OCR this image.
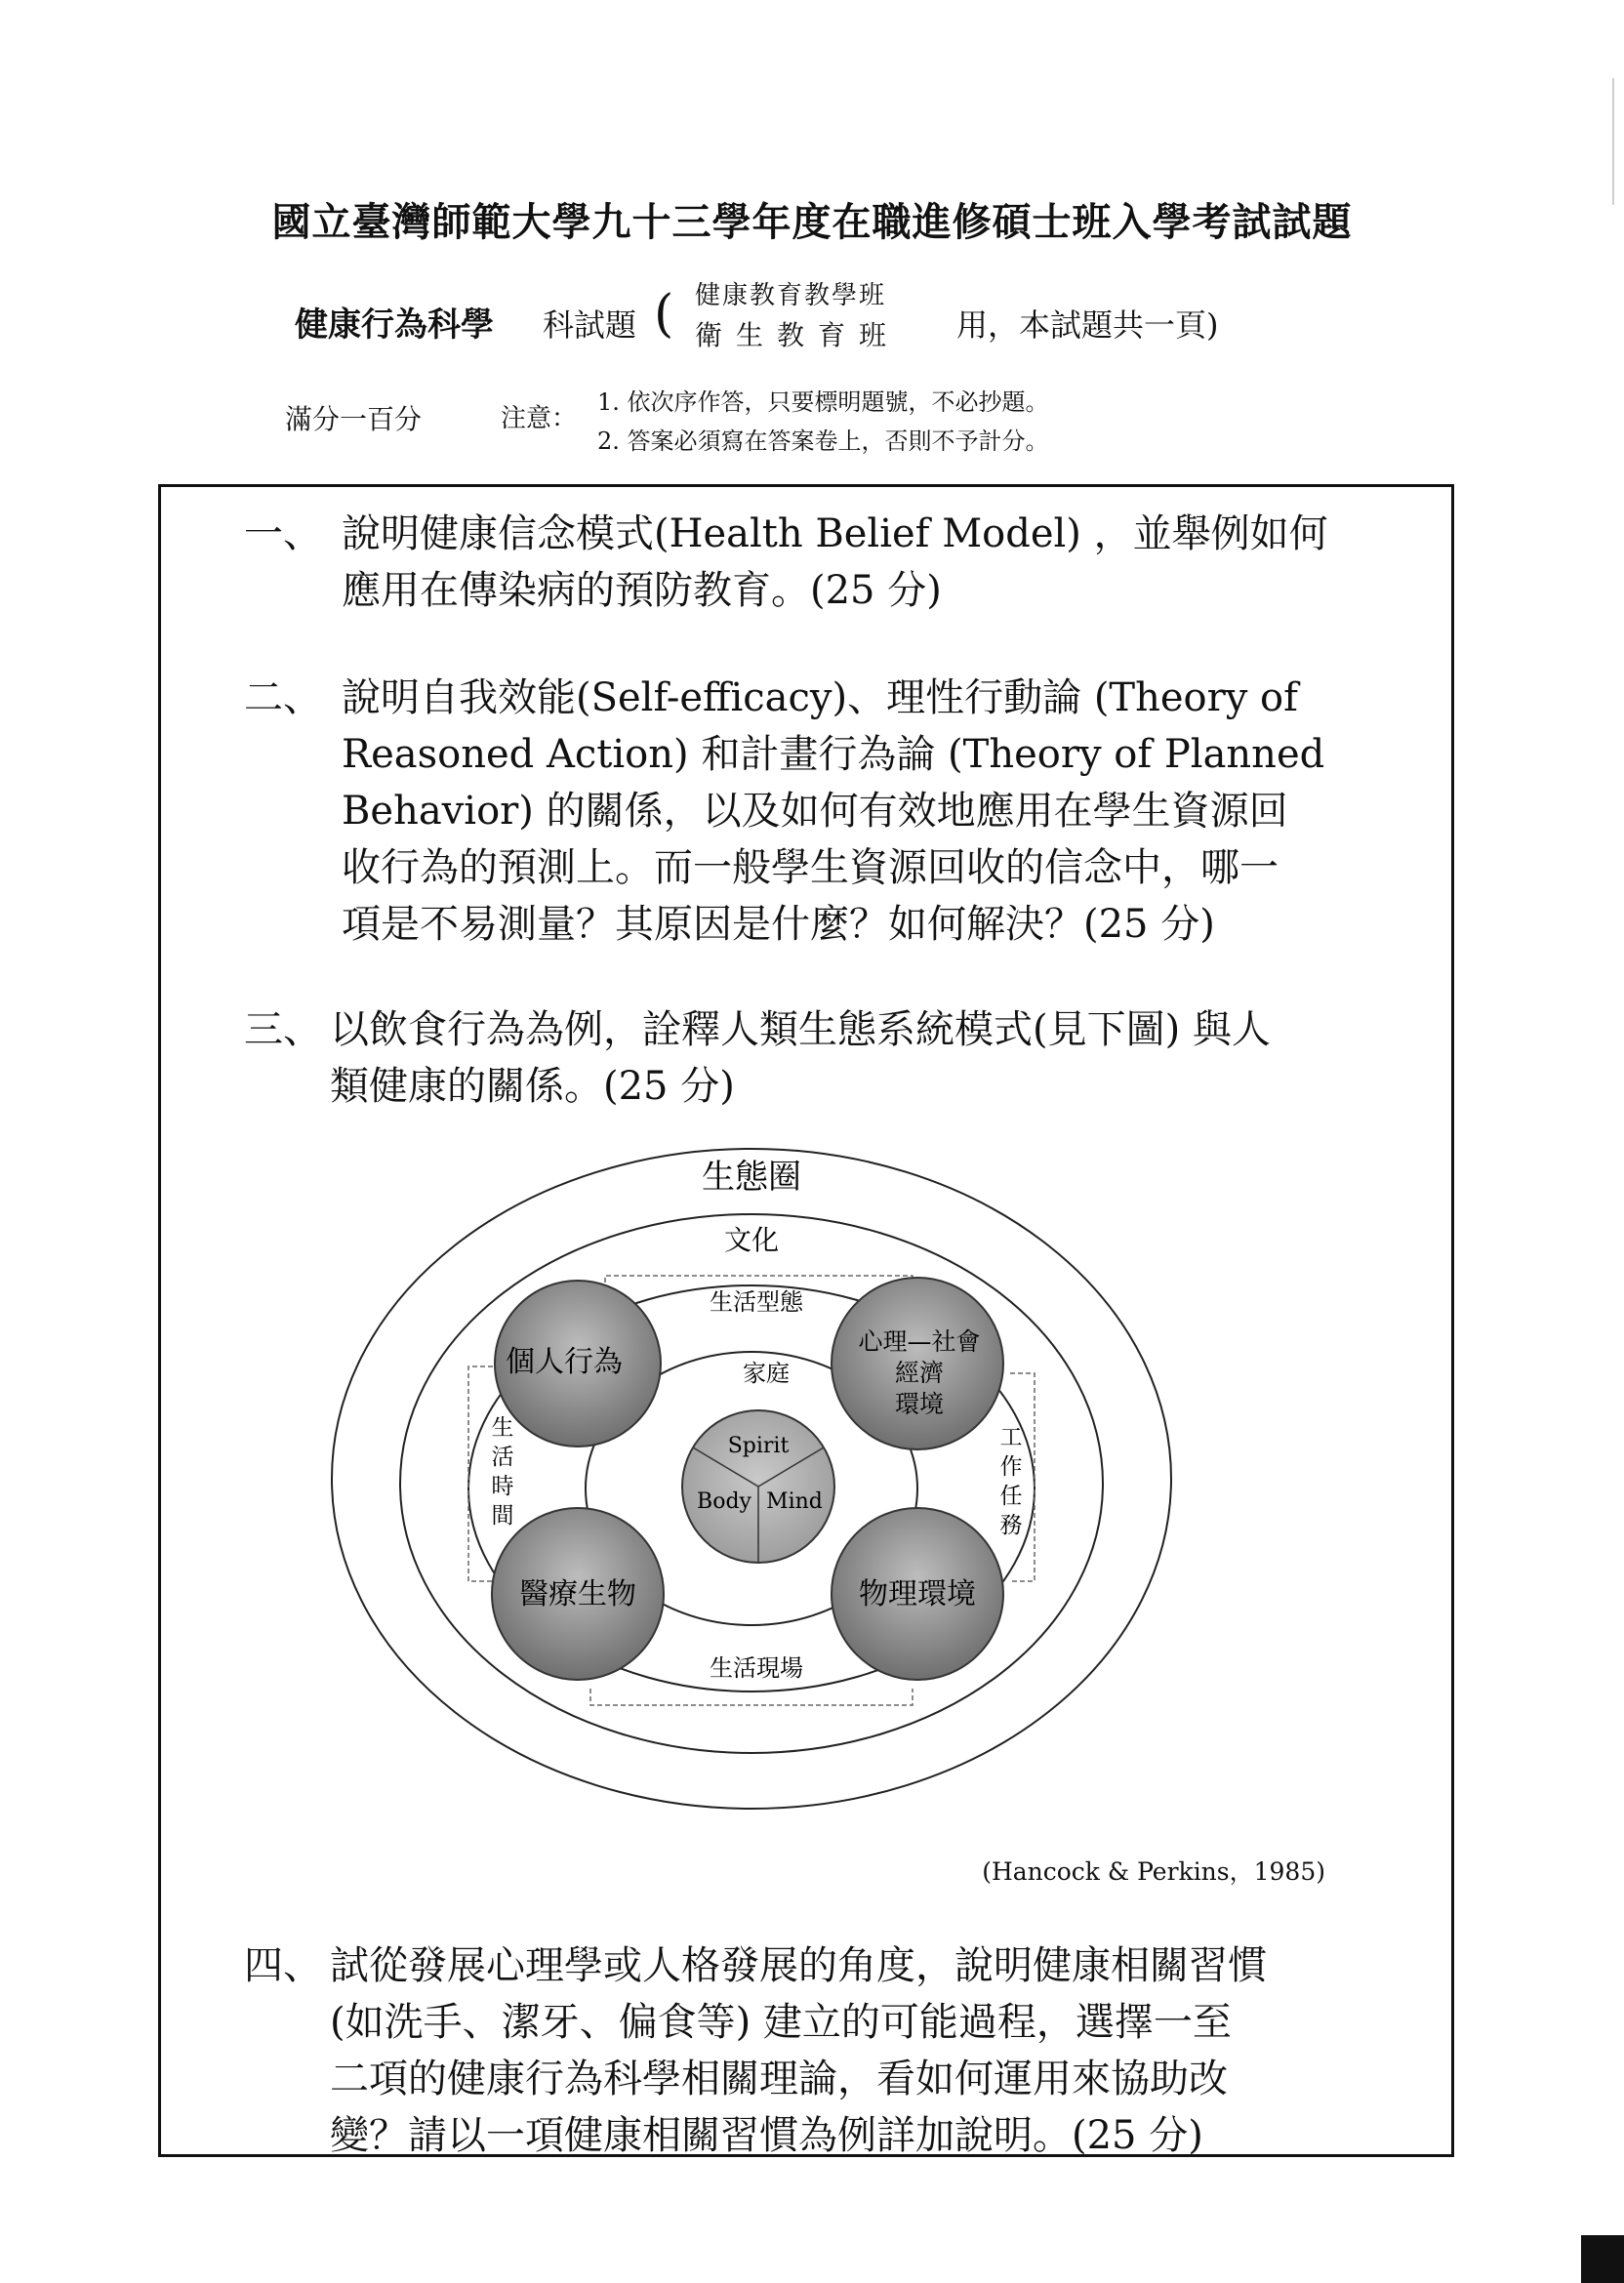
國立臺灣師範大學九十三學年度在職進修碩士班入學考試試題
健康行為科學 科試題 ( 健康教育教學班
衛生教育班 用，本試題共一頁)
滿分一百分	注意：
1. 依次序作答，只要標明題號，不必抄題。
2. 答案必須寫在答案卷上，否則不予計分。
一、 說明健康信念模式(Health Belief Model) ，並舉例如何
應用在傳染病的預防教育。(25 分)
二、 說明自我效能(Self-efficacy)、理性行動論 (Theory of
Reasoned Action) 和計畫行為論 (Theory of Planned
Behavior) 的關係，以及如何有效地應用在學生資源回
收行為的預測上。而一般學生資源回收的信念中，哪一
項是不易測量？其原因是什麼？如何解決？(25 分)
三、 以飲食行為為例，詮釋人類生態系統模式(見下圖) 與人
類健康的關係。(25 分)
生態圈
文化
生活型態
家庭
生活現場
生
活
時
間
工
作
任
務
個人行為
心理—社會
經濟
環境
醫療生物	物理環境
Spirit
Body Mind
(Hancock & Perkins，1985)
四、 試從發展心理學或人格發展的角度，說明健康相關習慣
(如洗手、潔牙、偏食等) 建立的可能過程，選擇一至
二項的健康行為科學相關理論，看如何運用來協助改
變？請以一項健康相關習慣為例詳加說明。(25 分)
